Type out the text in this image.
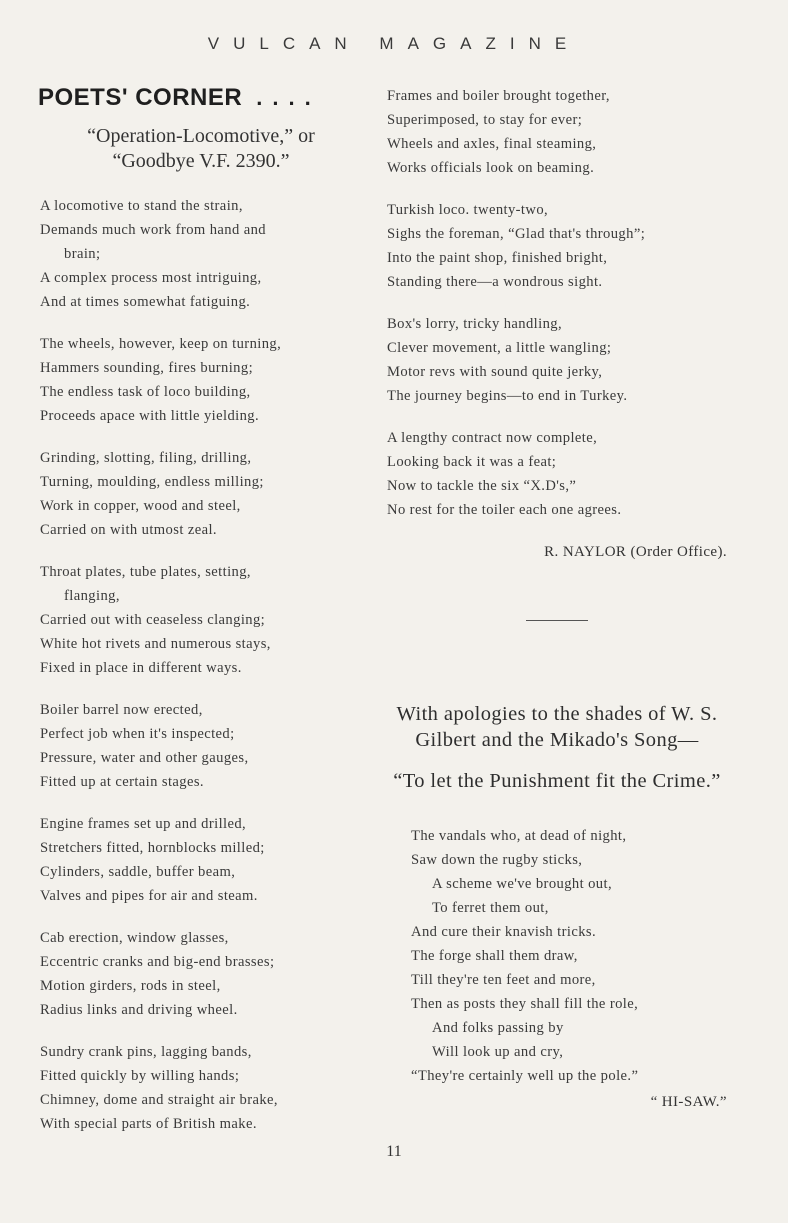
VULCAN MAGAZINE
POETS' CORNER ....
“Operation-Locomotive,” or
“Goodbye V.F. 2390.”
A locomotive to stand the strain,
Demands much work from hand and
brain;
A complex process most intriguing,
And at times somewhat fatiguing.
The wheels, however, keep on turning,
Hammers sounding, fires burning;
The endless task of loco building,
Proceeds apace with little yielding.
Grinding, slotting, filing, drilling,
Turning, moulding, endless milling;
Work in copper, wood and steel,
Carried on with utmost zeal.
Throat plates, tube plates, setting,
flanging,
Carried out with ceaseless clanging;
White hot rivets and numerous stays,
Fixed in place in different ways.
Boiler barrel now erected,
Perfect job when it's inspected;
Pressure, water and other gauges,
Fitted up at certain stages.
Engine frames set up and drilled,
Stretchers fitted, hornblocks milled;
Cylinders, saddle, buffer beam,
Valves and pipes for air and steam.
Cab erection, window glasses,
Eccentric cranks and big-end brasses;
Motion girders, rods in steel,
Radius links and driving wheel.
Sundry crank pins, lagging bands,
Fitted quickly by willing hands;
Chimney, dome and straight air brake,
With special parts of British make.
Frames and boiler brought together,
Superimposed, to stay for ever;
Wheels and axles, final steaming,
Works officials look on beaming.
Turkish loco. twenty-two,
Sighs the foreman, “Glad that's through”;
Into the paint shop, finished bright,
Standing there—a wondrous sight.
Box's lorry, tricky handling,
Clever movement, a little wangling;
Motor revs with sound quite jerky,
The journey begins—to end in Turkey.
A lengthy contract now complete,
Looking back it was a feat;
Now to tackle the six “X.D's,”
No rest for the toiler each one agrees.
R. NAYLOR (Order Office).
With apologies to the shades of W. S. Gilbert and the Mikado's Song—
“To let the Punishment fit the Crime.”
The vandals who, at dead of night,
Saw down the rugby sticks,
A scheme we've brought out,
To ferret them out,
And cure their knavish tricks.
The forge shall them draw,
Till they're ten feet and more,
Then as posts they shall fill the role,
And folks passing by
Will look up and cry,
“They're certainly well up the pole.”
“ HI-SAW.”
11
